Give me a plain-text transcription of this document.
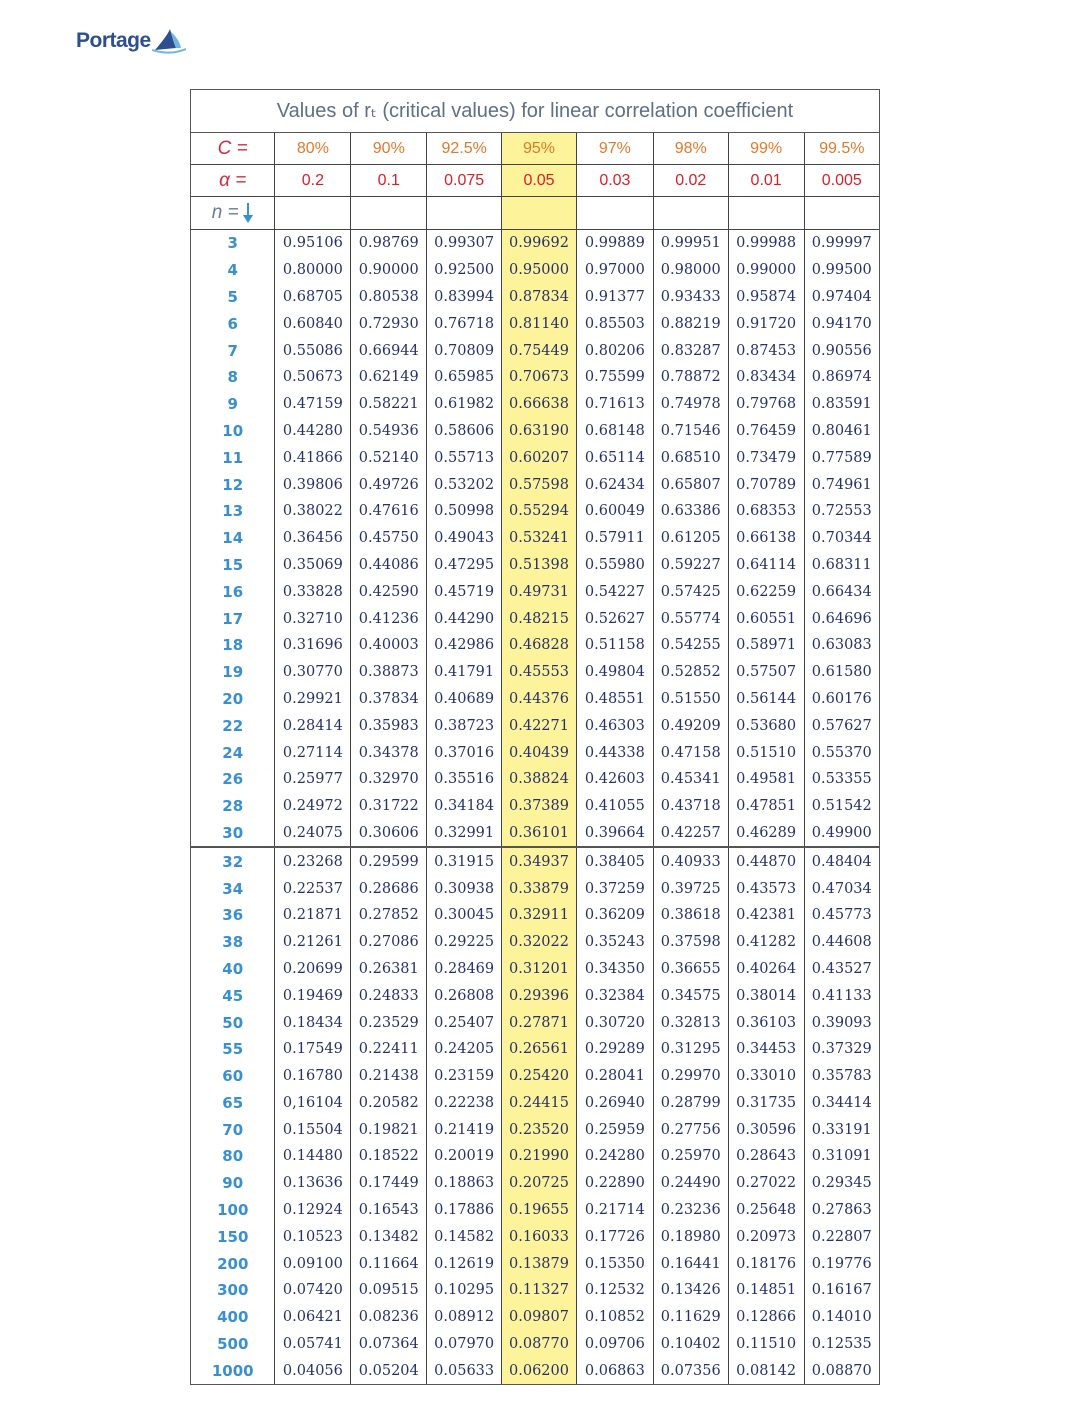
Portage
Values of rₜ (critical values) for linear correlation coefficient
C =	80%	90%	92.5%	95%	97%	98%	99%	99.5%
α =	0.2	0.1	0.075	0.05	0.03	0.02	0.01	0.005
n =								
3	0.95106	0.98769	0.99307	0.99692	0.99889	0.99951	0.99988	0.99997
4	0.80000	0.90000	0.92500	0.95000	0.97000	0.98000	0.99000	0.99500
5	0.68705	0.80538	0.83994	0.87834	0.91377	0.93433	0.95874	0.97404
6	0.60840	0.72930	0.76718	0.81140	0.85503	0.88219	0.91720	0.94170
7	0.55086	0.66944	0.70809	0.75449	0.80206	0.83287	0.87453	0.90556
8	0.50673	0.62149	0.65985	0.70673	0.75599	0.78872	0.83434	0.86974
9	0.47159	0.58221	0.61982	0.66638	0.71613	0.74978	0.79768	0.83591
10	0.44280	0.54936	0.58606	0.63190	0.68148	0.71546	0.76459	0.80461
11	0.41866	0.52140	0.55713	0.60207	0.65114	0.68510	0.73479	0.77589
12	0.39806	0.49726	0.53202	0.57598	0.62434	0.65807	0.70789	0.74961
13	0.38022	0.47616	0.50998	0.55294	0.60049	0.63386	0.68353	0.72553
14	0.36456	0.45750	0.49043	0.53241	0.57911	0.61205	0.66138	0.70344
15	0.35069	0.44086	0.47295	0.51398	0.55980	0.59227	0.64114	0.68311
16	0.33828	0.42590	0.45719	0.49731	0.54227	0.57425	0.62259	0.66434
17	0.32710	0.41236	0.44290	0.48215	0.52627	0.55774	0.60551	0.64696
18	0.31696	0.40003	0.42986	0.46828	0.51158	0.54255	0.58971	0.63083
19	0.30770	0.38873	0.41791	0.45553	0.49804	0.52852	0.57507	0.61580
20	0.29921	0.37834	0.40689	0.44376	0.48551	0.51550	0.56144	0.60176
22	0.28414	0.35983	0.38723	0.42271	0.46303	0.49209	0.53680	0.57627
24	0.27114	0.34378	0.37016	0.40439	0.44338	0.47158	0.51510	0.55370
26	0.25977	0.32970	0.35516	0.38824	0.42603	0.45341	0.49581	0.53355
28	0.24972	0.31722	0.34184	0.37389	0.41055	0.43718	0.47851	0.51542
30	0.24075	0.30606	0.32991	0.36101	0.39664	0.42257	0.46289	0.49900
32	0.23268	0.29599	0.31915	0.34937	0.38405	0.40933	0.44870	0.48404
34	0.22537	0.28686	0.30938	0.33879	0.37259	0.39725	0.43573	0.47034
36	0.21871	0.27852	0.30045	0.32911	0.36209	0.38618	0.42381	0.45773
38	0.21261	0.27086	0.29225	0.32022	0.35243	0.37598	0.41282	0.44608
40	0.20699	0.26381	0.28469	0.31201	0.34350	0.36655	0.40264	0.43527
45	0.19469	0.24833	0.26808	0.29396	0.32384	0.34575	0.38014	0.41133
50	0.18434	0.23529	0.25407	0.27871	0.30720	0.32813	0.36103	0.39093
55	0.17549	0.22411	0.24205	0.26561	0.29289	0.31295	0.34453	0.37329
60	0.16780	0.21438	0.23159	0.25420	0.28041	0.29970	0.33010	0.35783
65	0,16104	0.20582	0.22238	0.24415	0.26940	0.28799	0.31735	0.34414
70	0.15504	0.19821	0.21419	0.23520	0.25959	0.27756	0.30596	0.33191
80	0.14480	0.18522	0.20019	0.21990	0.24280	0.25970	0.28643	0.31091
90	0.13636	0.17449	0.18863	0.20725	0.22890	0.24490	0.27022	0.29345
100	0.12924	0.16543	0.17886	0.19655	0.21714	0.23236	0.25648	0.27863
150	0.10523	0.13482	0.14582	0.16033	0.17726	0.18980	0.20973	0.22807
200	0.09100	0.11664	0.12619	0.13879	0.15350	0.16441	0.18176	0.19776
300	0.07420	0.09515	0.10295	0.11327	0.12532	0.13426	0.14851	0.16167
400	0.06421	0.08236	0.08912	0.09807	0.10852	0.11629	0.12866	0.14010
500	0.05741	0.07364	0.07970	0.08770	0.09706	0.10402	0.11510	0.12535
1000	0.04056	0.05204	0.05633	0.06200	0.06863	0.07356	0.08142	0.08870
